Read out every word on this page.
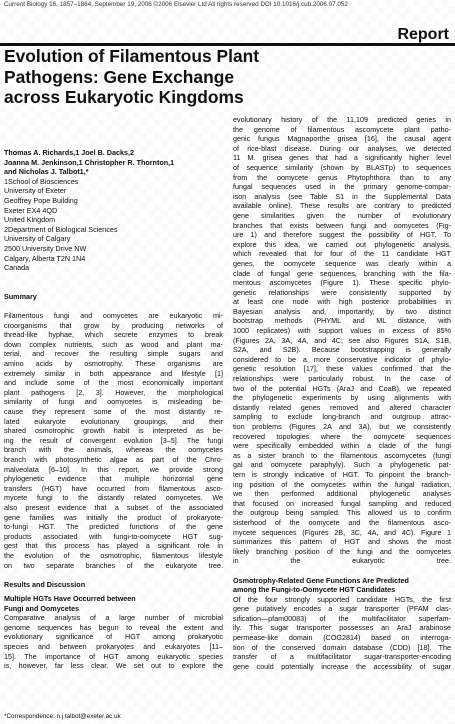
Current Biology 16, 1857–1864, September 19, 2006 ©2006 Elsevier Ltd All rights reserved DOI 10.1016/j.cub.2006.07.052
Report
Evolution of Filamentous Plant
Pathogens: Gene Exchange
across Eukaryotic Kingdoms
Thomas A. Richards,1 Joel B. Dacks,2
Joanna M. Jenkinson,1 Christopher R. Thornton,1
and Nicholas J. Talbot1,*
1School of Biosciences
University of Exeter
Geoffrey Pope Building
Exeter EX4 4QD
United Kingdom
2Department of Biological Sciences
University of Calgary
2500 University Drive NW
Calgary, Alberta T2N 1N4
Canada
Summary
Filamentous fungi and oomycetes are eukaryotic mi-
croorganisms that grow by producing networks of
thread-like hyphae, which secrete enzymes to break
down complex nutrients, such as wood and plant ma-
terial, and recover the resulting simple sugars and
amino acids by osmotrophy. These organisms are
extremely similar in both appearance and lifestyle [1]
and include some of the most economically important
plant pathogens [2, 3]. However, the morphological
similarity of fungi and oomycetes is misleading be-
cause they represent some of the most distantly re-
lated eukaryote evolutionary groupings, and their
shared osmotrophic growth habit is interpreted as be-
ing the result of convergent evolution [3–5]. The fungi
branch with the animals, whereas the oomycetes
branch with photosynthetic algae as part of the Chro-
malveolata [6–10]. In this report, we provide strong
phylogenetic evidence that multiple horizontal gene
transfers (HGT) have occurred from filamentous asco-
mycete fungi to the distantly related oomycetes. We
also present evidence that a subset of the associated
gene families was initially the product of prokaryote-
to-fungi HGT. The predicted functions of the gene
products associated with fungi-to-oomycete HGT sug-
gest that this process has played a significant role in
the evolution of the osmotrophic, filamentous lifestyle
on two separate branches of the eukaryote tree.
Results and Discussion
Multiple HGTs Have Occurred between
Fungi and Oomycetes
Comparative analysis of a large number of microbial
genome sequences has begun to reveal the extent and
evolutionary significance of HGT among prokaryotic
species and between prokaryotes and eukaryotes [11–
15]. The importance of HGT among eukaryotic species
is, however, far less clear. We set out to explore the
evolutionary history of the 11,109 predicted genes in
the genome of filamentous ascomycete plant patho-
genic fungus Magnaporthe grisea [16], the causal agent
of rice-blast disease. During our analyses, we detected
11 M. grisea genes that had a significantly higher level
of sequence similarity (shown by BLASTp) to sequences
from the oomycete genus Phytophthora than to any
fungal sequences used in the primary genome-compar-
ison analysis (see Table S1 in the Supplemental Data
available online). These results are contrary to predicted
gene similarities given the number of evolutionary
branches that exists between fungi and oomycetes (Fig-
ure 1) and therefore suggest the possibility of HGT. To
explore this idea, we carried out phylogenetic analysis,
which revealed that for four of the 11 candidate HGT
genes, the oomycete sequence was clearly within a
clade of fungal gene sequences, branching with the fila-
mentous ascomycetes (Figure 1). These specific phylo-
genetic relationships were consistently supported by
at least one node with high posterior probabilities in
Bayesian analysis and, importantly, by two distinct
bootstrap methods (PHYML and ML distance, with
1000 replicates) with support values in excess of 85%
(Figures 2A, 3A, 4A, and 4C; see also Figures S1A, S1B,
S2A, and S2B). Because bootstrapping is generally
considered to be a more conservative indicator of phylo-
genetic resolution [17], these values confirmed that the
relationships were particularly robust. In the case of
two of the potential HGTs (AraJ and CoaB), we repeated
the phylogenetic experiments by using alignments with
distantly related genes removed and altered character
sampling to exclude long-branch and outgroup attrac-
tion problems (Figures 2A and 3A), but we consistently
recovered topologies where the oomycete sequences
were specifically embedded within a clade of the fungi
as a sister branch to the filamentous ascomycetes (fungi
gal and oomycete paraphyly). Such a phylogenetic pat-
tern is strongly indicative of HGT. To pinpoint the branch-
ing position of the oomycetes within the fungal radiation,
we then performed additional phylogenetic analyses
that focused on increased fungal sampling and reduced
the outgroup being sampled. This allowed us to confirm
sisterhood of the oomycete and the filamentous asco-
mycete sequences (Figures 2B, 3C, 4A, and 4C). Figure 1
summarizes this pattern of HGT and shows the most
likely branching position of the fungi and the oomycetes
in the eukaryotic tree.
Osmotrophy-Related Gene Functions Are Predicted
among the Fungi-to-Oomycete HGT Candidates
Of the four strongly supported candidate HGTs, the first
gene putatively encodes a sugar transporter (PFAM clas-
sification—pfam00083) of the multifacilitator superfam-
ily. This sugar transporter possesses an AraJ arabinose
permease-like domain (COG2814) based on interroga-
tion of the conserved domain database (CDD) [18]. The
transfer of a multifacilitator sugar-transporter-encoding
gene could potentially increase the accessibility of sugar
*Correspondence: n.j.talbot@exeter.ac.uk
